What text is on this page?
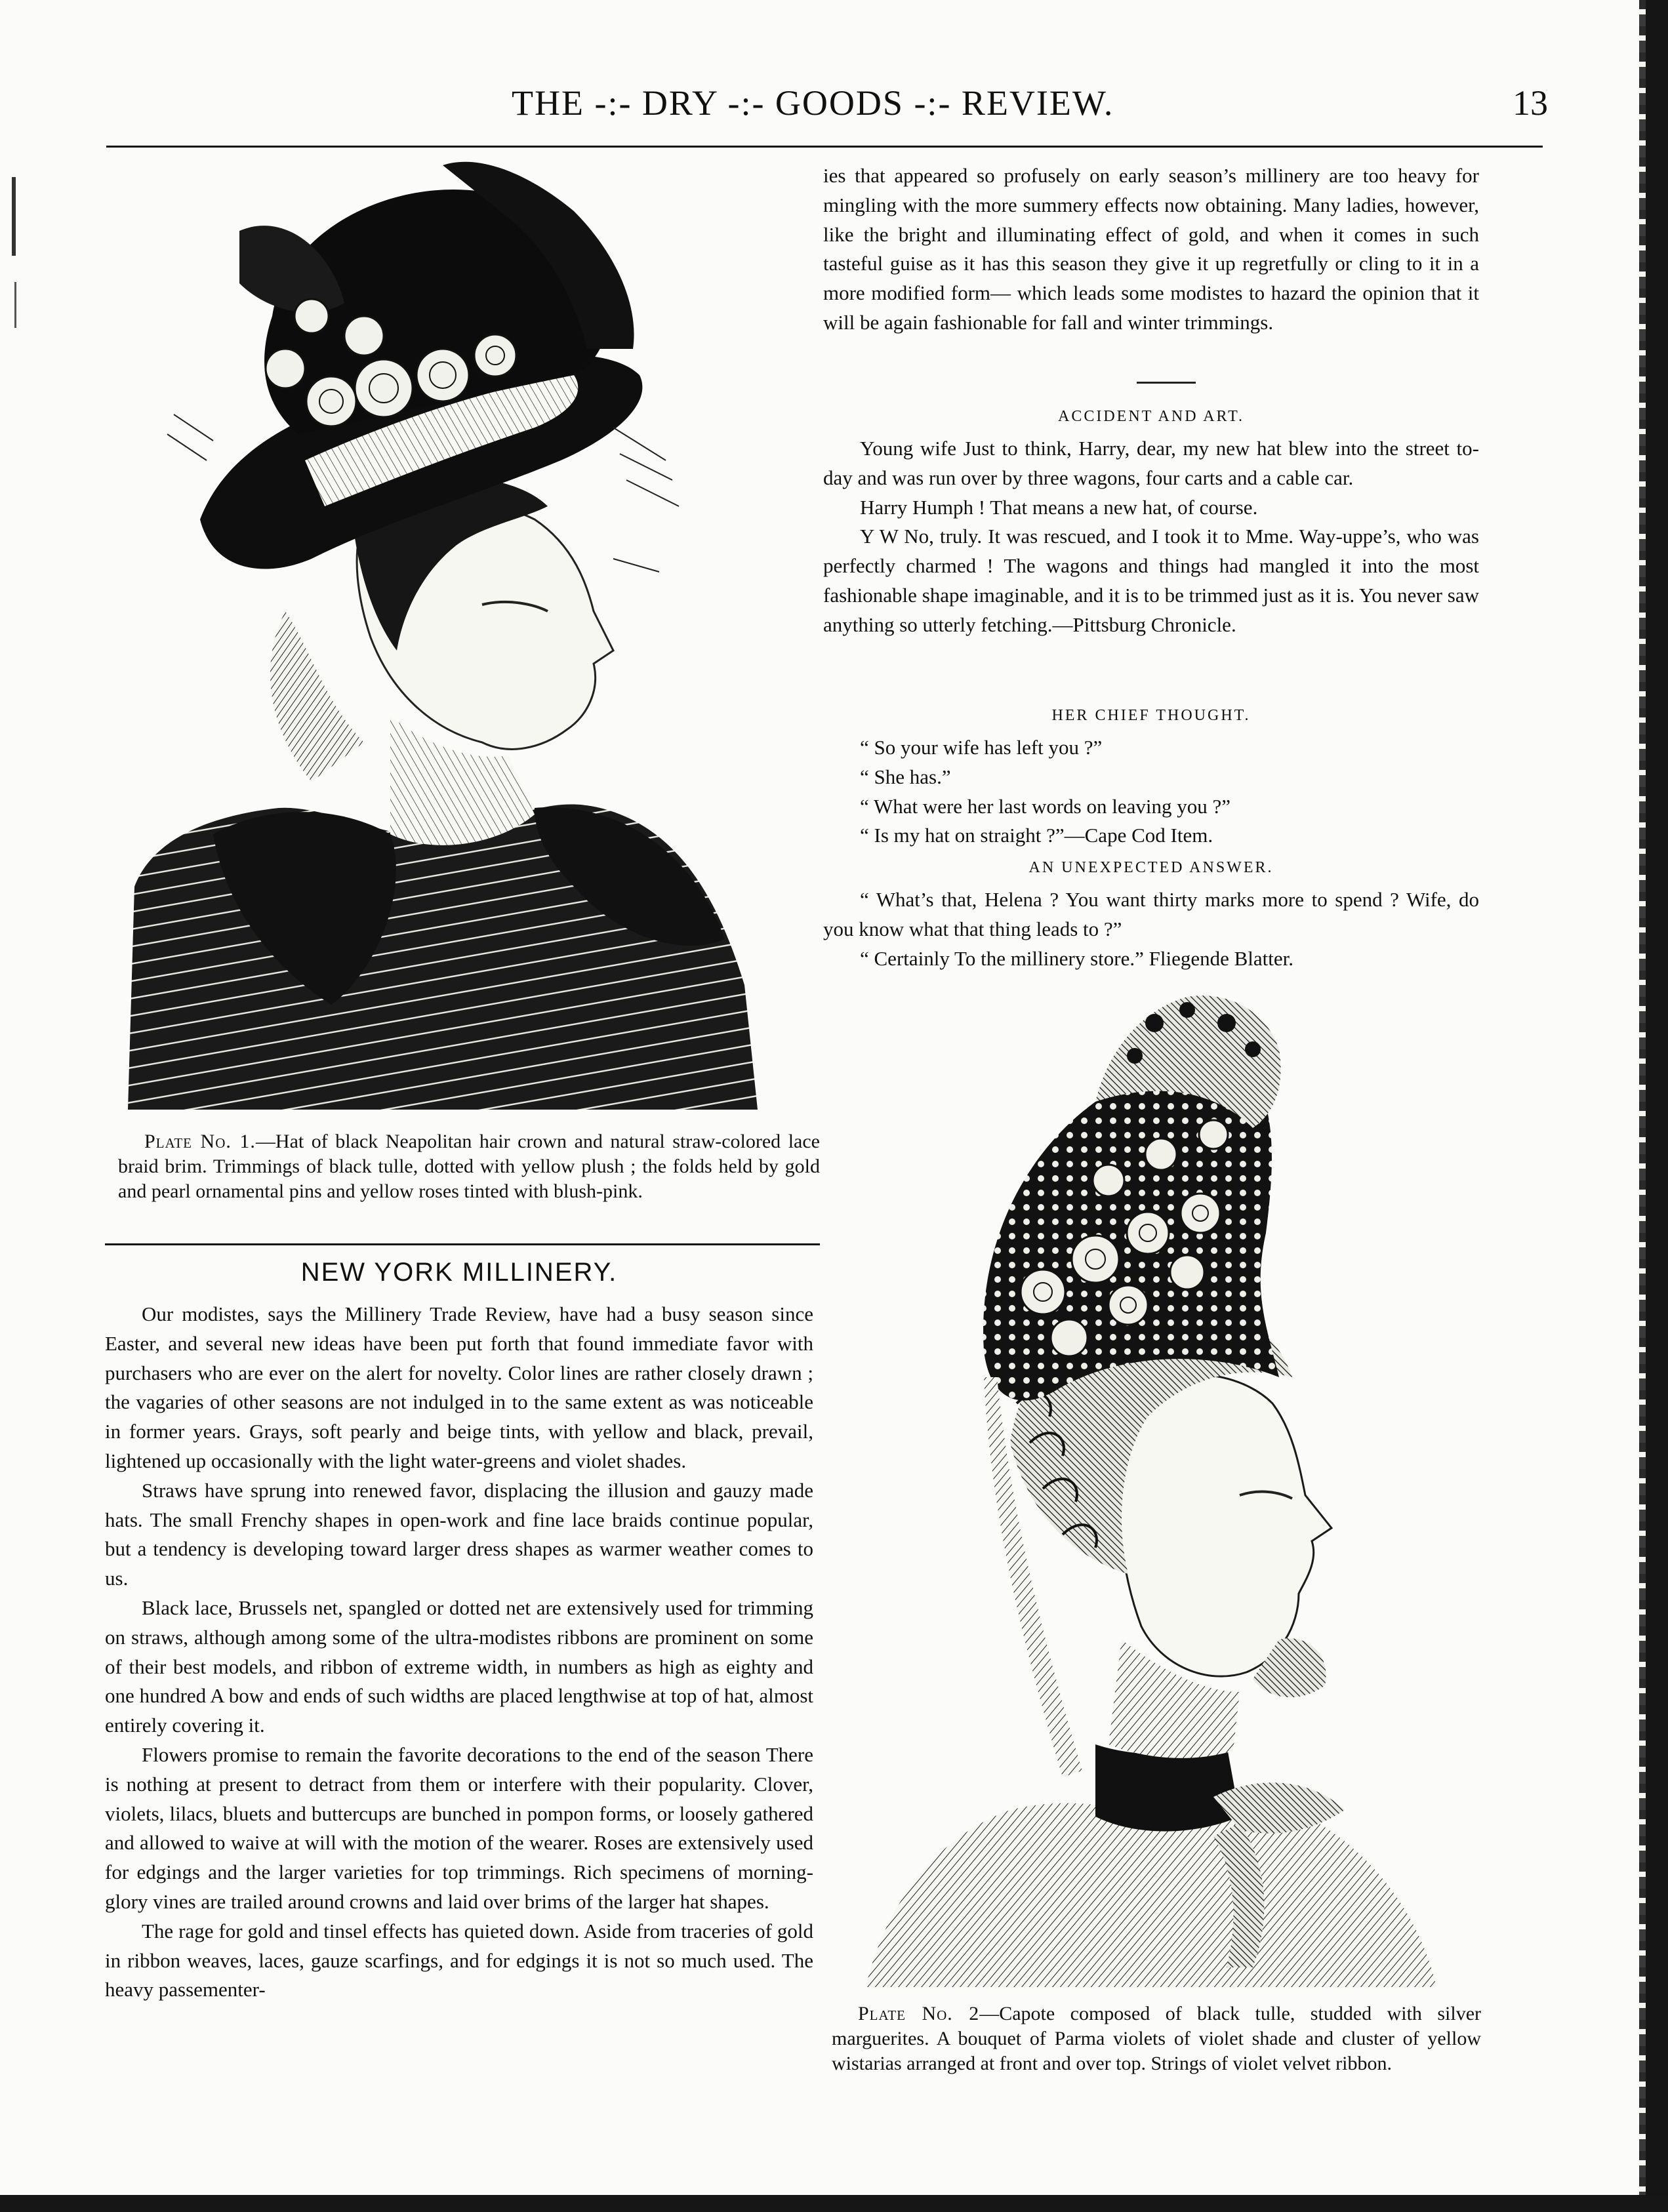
THE -:- DRY -:- GOODS -:- REVIEW.	13

Plate No. 1.—Hat of black Neapolitan hair crown and natural straw-colored lace braid brim. Trimmings of black tulle, dotted with yellow plush ; the folds held by gold and pearl ornamental pins and yellow roses tinted with blush-pink.

NEW YORK MILLINERY.

Our modistes, says the Millinery Trade Review, have had a busy season since Easter, and several new ideas have been put forth that found immediate favor with purchasers who are ever on the alert for novelty. Color lines are rather closely drawn ; the vagaries of other seasons are not indulged in to the same extent as was noticeable in former years. Grays, soft pearly and beige tints, with yellow and black, prevail, lightened up occasionally with the light water-greens and violet shades.

Straws have sprung into renewed favor, displacing the illusion and gauzy made hats. The small Frenchy shapes in open-work and fine lace braids continue popular, but a tendency is developing toward larger dress shapes as warmer weather comes to us.

Black lace, Brussels net, spangled or dotted net are extensively used for trimming on straws, although among some of the ultra-modistes ribbons are prominent on some of their best models, and ribbon of extreme width, in numbers as high as eighty and one hundred A bow and ends of such widths are placed lengthwise at top of hat, almost entirely covering it.

Flowers promise to remain the favorite decorations to the end of the season There is nothing at present to detract from them or interfere with their popularity. Clover, violets, lilacs, bluets and buttercups are bunched in pompon forms, or loosely gathered and allowed to waive at will with the motion of the wearer. Roses are extensively used for edgings and the larger varieties for top trimmings. Rich specimens of morning-glory vines are trailed around crowns and laid over brims of the larger hat shapes.

The rage for gold and tinsel effects has quieted down. Aside from traceries of gold in ribbon weaves, laces, gauze scarfings, and for edgings it is not so much used. The heavy passementer-

ies that appeared so profusely on early season’s millinery are too heavy for mingling with the more summery effects now obtaining. Many ladies, however, like the bright and illuminating effect of gold, and when it comes in such tasteful guise as it has this season they give it up regretfully or cling to it in a more modified form— which leads some modistes to hazard the opinion that it will be again fashionable for fall and winter trimmings.

ACCIDENT AND ART.

Young wife Just to think, Harry, dear, my new hat blew into the street to-day and was run over by three wagons, four carts and a cable car.

Harry Humph ! That means a new hat, of course.

Y W No, truly. It was rescued, and I took it to Mme. Way-uppe’s, who was perfectly charmed ! The wagons and things had mangled it into the most fashionable shape imaginable, and it is to be trimmed just as it is. You never saw anything so utterly fetching.—Pittsburg Chronicle.

HER CHIEF THOUGHT.

“ So your wife has left you ?”

“ She has.”

“ What were her last words on leaving you ?”

“ Is my hat on straight ?”—Cape Cod Item.

AN UNEXPECTED ANSWER.

“ What’s that, Helena ? You want thirty marks more to spend ? Wife, do you know what that thing leads to ?”

“ Certainly To the millinery store.” Fliegende Blatter.

Plate No. 2—Capote composed of black tulle, studded with silver marguerites. A bouquet of Parma violets of violet shade and cluster of yellow wistarias arranged at front and over top. Strings of violet velvet ribbon.
